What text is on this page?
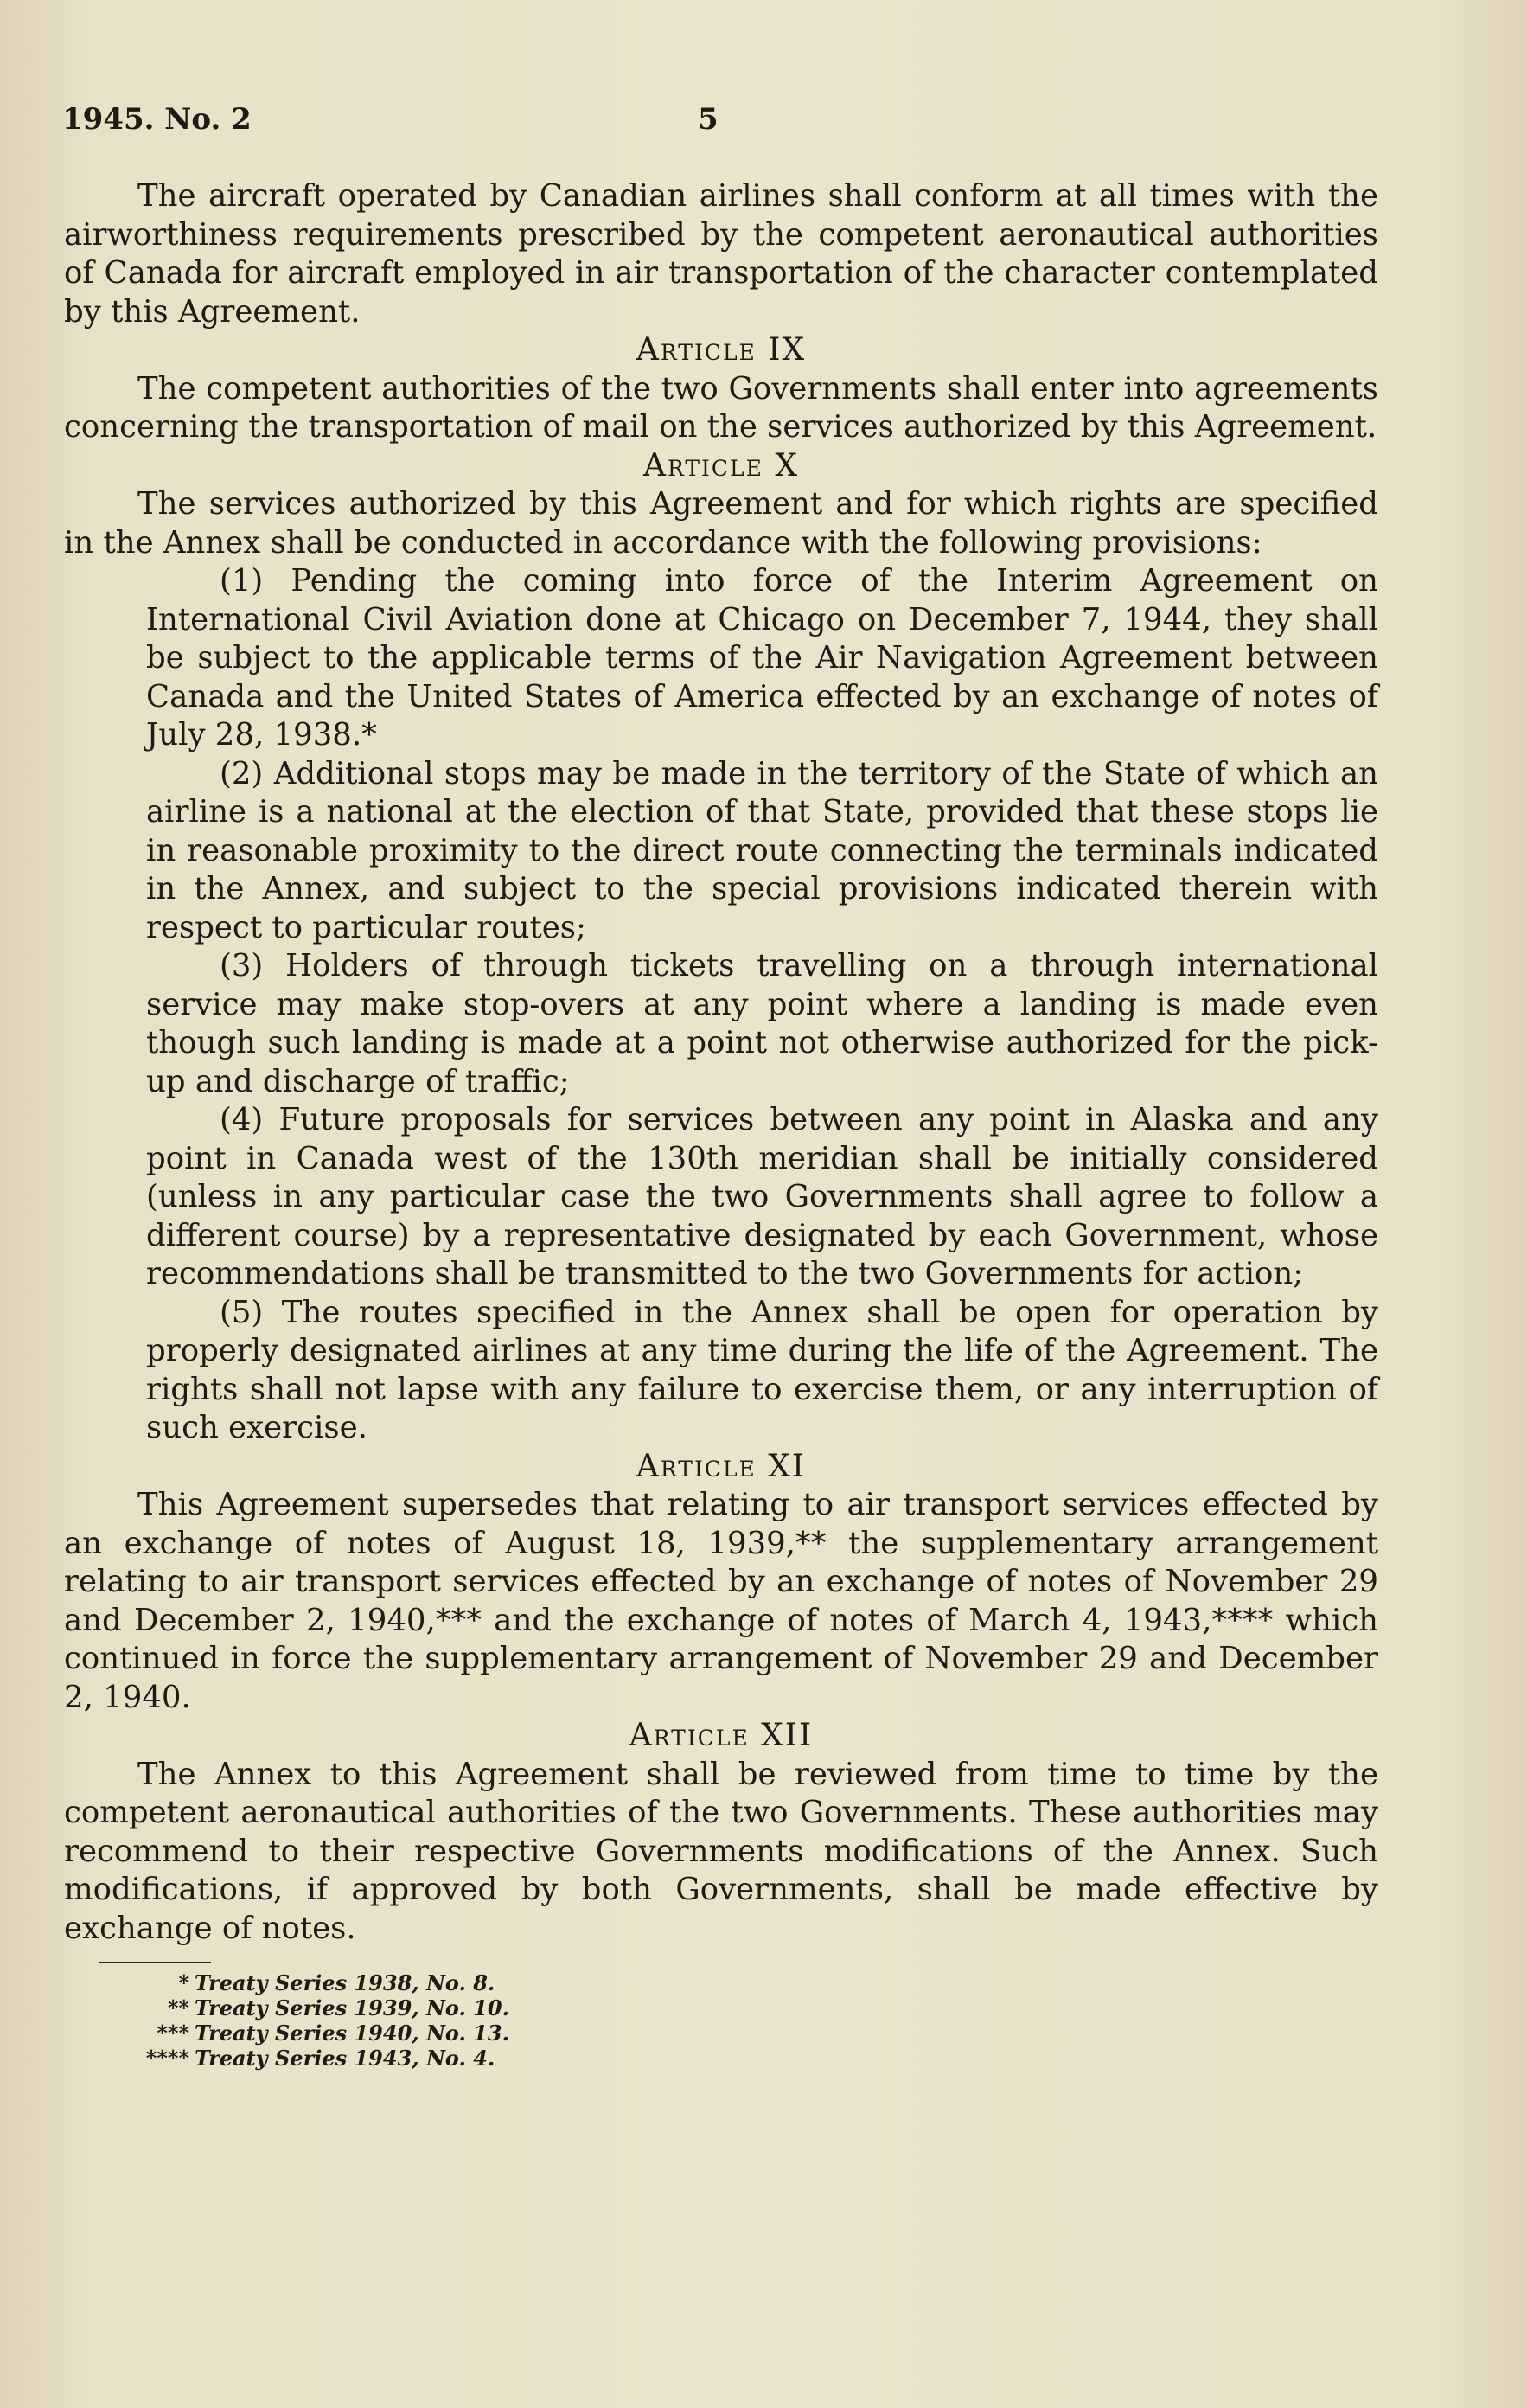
1945. No. 2	5

The aircraft operated by Canadian airlines shall conform at all times with the airworthiness requirements prescribed by the competent aeronautical authorities of Canada for aircraft employed in air transportation of the character contemplated by this Agreement.

Article IX

The competent authorities of the two Governments shall enter into agreements concerning the transportation of mail on the services authorized by this Agreement.

Article X

The services authorized by this Agreement and for which rights are specified in the Annex shall be conducted in accordance with the following provisions:

(1) Pending the coming into force of the Interim Agreement on International Civil Aviation done at Chicago on December 7, 1944, they shall be subject to the applicable terms of the Air Navigation Agreement between Canada and the United States of America effected by an exchange of notes of July 28, 1938.*

(2) Additional stops may be made in the territory of the State of which an airline is a national at the election of that State, provided that these stops lie in reasonable proximity to the direct route connecting the terminals indicated in the Annex, and subject to the special provisions indicated therein with respect to particular routes;

(3) Holders of through tickets travelling on a through international service may make stop-overs at any point where a landing is made even though such landing is made at a point not otherwise authorized for the pick-up and discharge of traffic;

(4) Future proposals for services between any point in Alaska and any point in Canada west of the 130th meridian shall be initially considered (unless in any particular case the two Governments shall agree to follow a different course) by a representative designated by each Government, whose recommendations shall be transmitted to the two Governments for action;

(5) The routes specified in the Annex shall be open for operation by properly designated airlines at any time during the life of the Agreement. The rights shall not lapse with any failure to exercise them, or any interruption of such exercise.

Article XI

This Agreement supersedes that relating to air transport services effected by an exchange of notes of August 18, 1939,** the supplementary arrangement relating to air transport services effected by an exchange of notes of November 29 and December 2, 1940,*** and the exchange of notes of March 4, 1943,**** which continued in force the supplementary arrangement of November 29 and December 2, 1940.

Article XII

The Annex to this Agreement shall be reviewed from time to time by the competent aeronautical authorities of the two Governments. These authorities may recommend to their respective Governments modifications of the Annex. Such modifications, if approved by both Governments, shall be made effective by exchange of notes.

* Treaty Series 1938, No. 8.
** Treaty Series 1939, No. 10.
*** Treaty Series 1940, No. 13.
**** Treaty Series 1943, No. 4.
